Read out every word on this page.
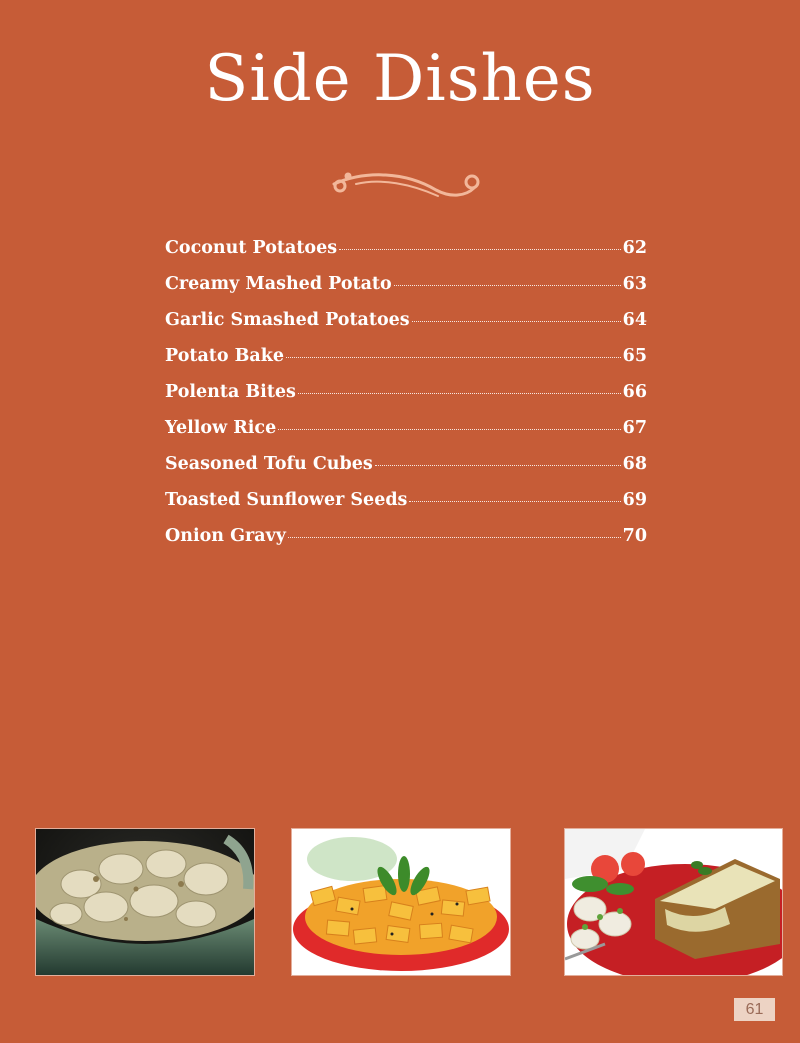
Side Dishes
Coconut Potatoes	62
Creamy Mashed Potato	63
Garlic Smashed Potatoes	64
Potato Bake	65
Polenta Bites	66
Yellow Rice	67
Seasoned Tofu Cubes	68
Toasted Sunflower Seeds	69
Onion Gravy	70
61
